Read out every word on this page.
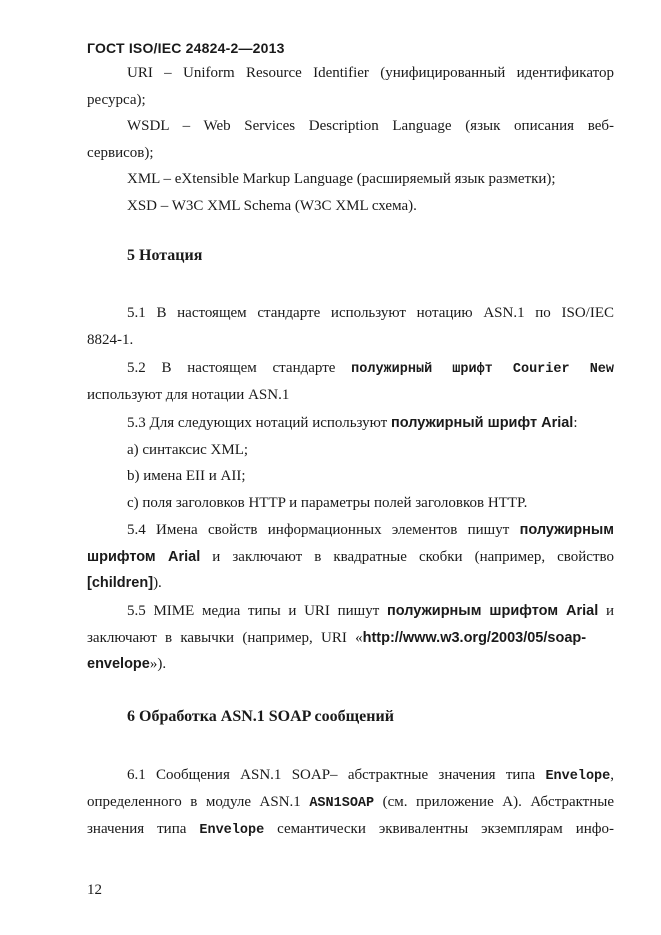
ГОСТ ISO/IEC 24824-2—2013

URI – Uniform Resource Identifier (унифицированный идентификатор

ресурса);

WSDL – Web Services Description Language (язык описания веб-

сервисов);

XML – eXtensible Markup Language (расширяемый язык разметки);

XSD – W3C XML Schema (W3C XML схема).

5 Нотация

5.1 В настоящем стандарте используют нотацию ASN.1 по ISO/IEC

8824-1.

5.2 В настоящем стандарте полужирный шрифт Courier New

используют для нотации ASN.1

5.3 Для следующих нотаций используют полужирный шрифт Arial:

a) синтаксис XML;

b) имена EII и AII;

c) поля заголовков HTTP и параметры полей заголовков HTTP.

5.4 Имена свойств информационных элементов пишут полужирным

шрифтом Arial и заключают в квадратные скобки (например, свойство

[children]).

5.5 MIME медиа типы и URI пишут полужирным шрифтом Arial и

заключают в кавычки (например, URI «http://www.w3.org/2003/05/soap-

envelope»).

6 Обработка ASN.1 SOAP сообщений

6.1 Сообщения ASN.1 SOAP– абстрактные значения типа Envelope,

определенного в модуле ASN.1 ASN1SOAP (см. приложение А). Абстрактные

значения типа Envelope семантически эквивалентны экземплярам инфо-

12
